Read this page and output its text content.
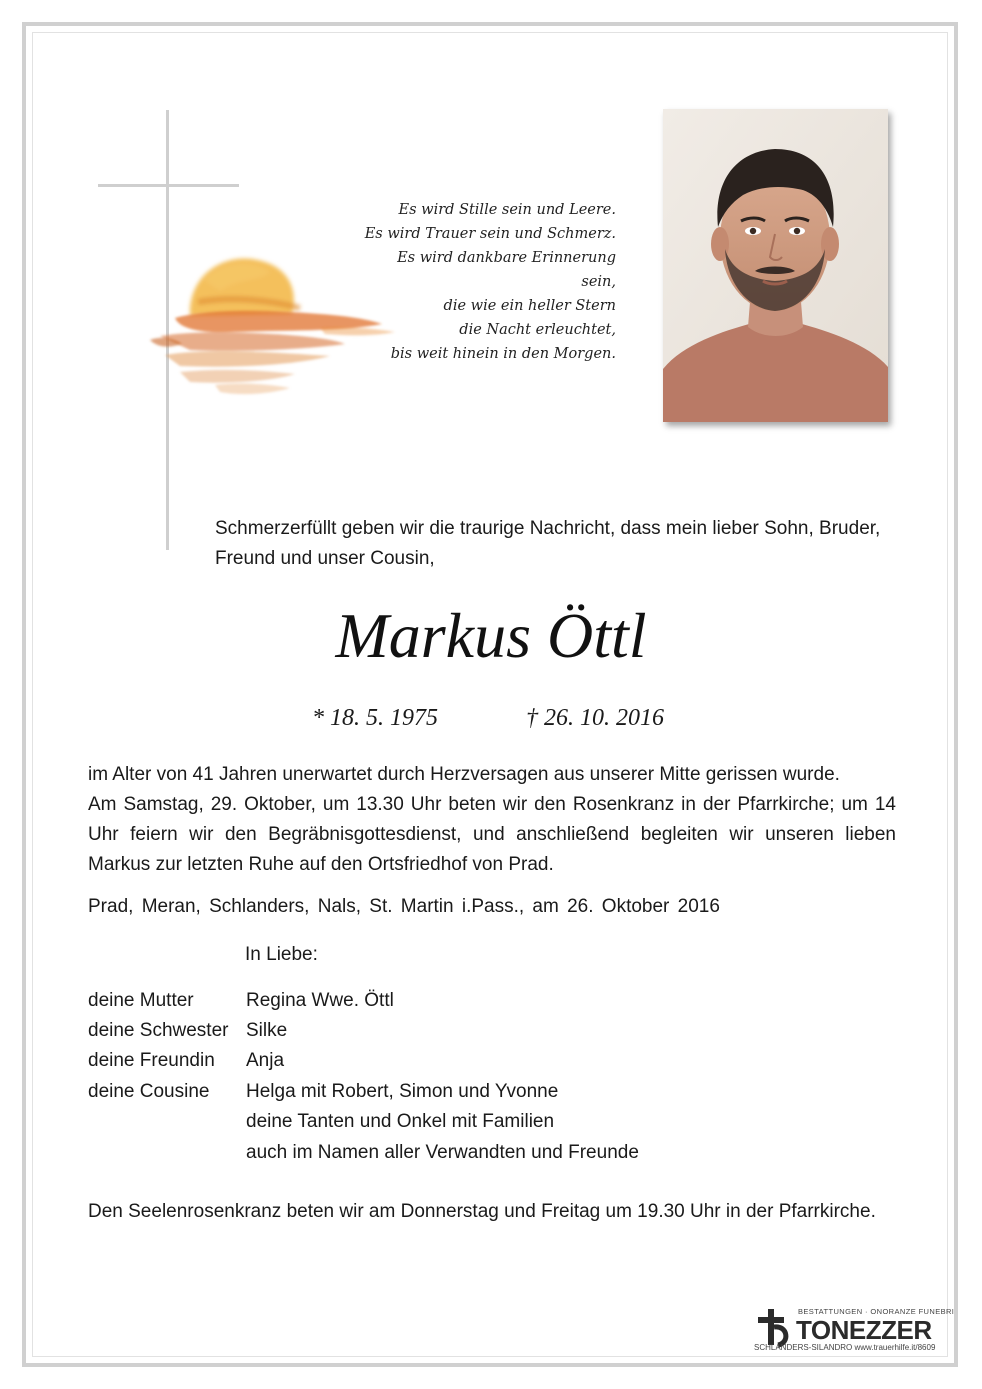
Es wird Stille sein und Leere.
Es wird Trauer sein und Schmerz.
Es wird dankbare Erinnerung sein,
die wie ein heller Stern
die Nacht erleuchtet,
bis weit hinein in den Morgen.
Schmerzerfüllt geben wir die traurige Nachricht, dass mein lieber Sohn, Bruder,
Freund und unser Cousin,
Markus Öttl
* 18. 5. 1975	† 26. 10. 2016
im Alter von 41 Jahren unerwartet durch Herzversagen aus unserer Mitte gerissen wurde.
Am Samstag, 29. Oktober, um 13.30 Uhr beten wir den Rosenkranz in der Pfarrkirche; um 14 Uhr feiern wir den Begräbnisgottesdienst, und anschließend begleiten wir unseren lieben Markus zur letzten Ruhe auf den Ortsfriedhof von Prad.
Prad, Meran, Schlanders, Nals, St. Martin i.Pass., am 26. Oktober 2016
In Liebe:
deine Mutter	Regina Wwe. Öttl
deine Schwester Silke
deine Freundin Anja
deine Cousine Helga mit Robert, Simon und Yvonne
deine Tanten und Onkel mit Familien
auch im Namen aller Verwandten und Freunde
Den Seelenrosenkranz beten wir am Donnerstag und Freitag um 19.30 Uhr in der Pfarrkirche.
BESTATTUNGEN · ONORANZE FUNEBRI
TONEZZER
SCHLANDERS-SILANDRO www.trauerhilfe.it/8609
